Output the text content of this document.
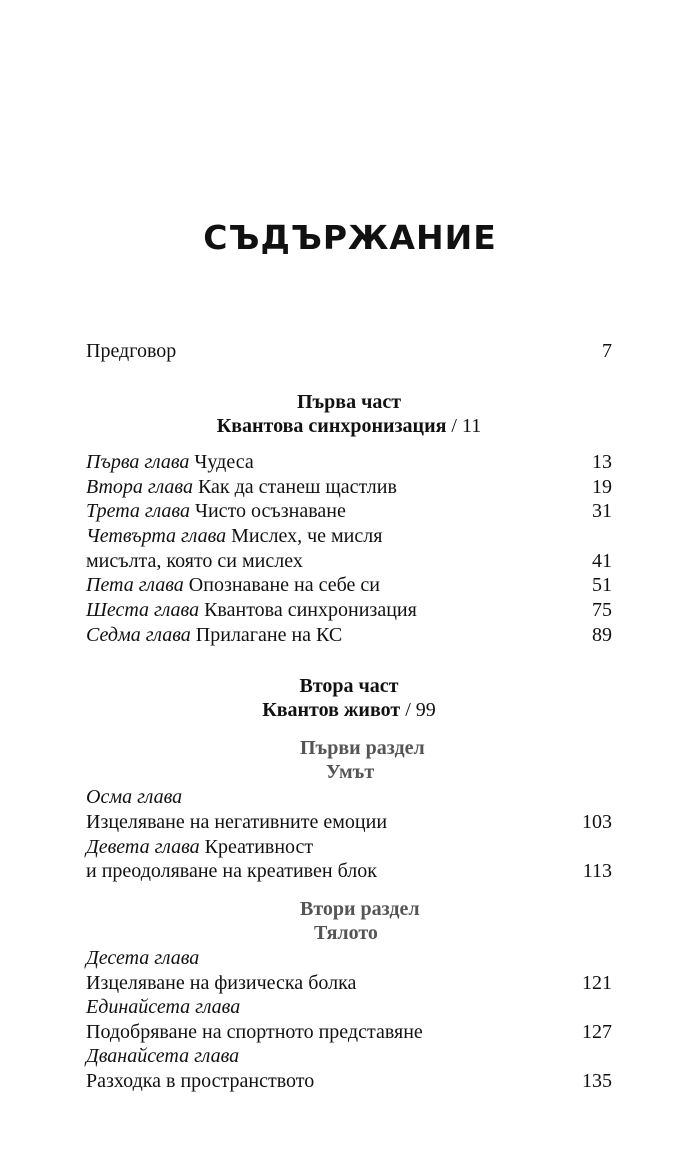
СЪДЪРЖАНИЕ
Предговор	7
Първа част
Квантова синхронизация / 11
Първа глава Чудеса	13
Втора глава Как да станеш щастлив	19
Трета глава Чисто осъзнаване	31
Четвърта глава Мислех, че мисля
мисълта, която си мислех	41
Пета глава Опознаване на себе си	51
Шеста глава Квантова синхронизация	75
Седма глава Прилагане на КС	89
Втора част
Квантов живот / 99
Първи раздел
Умът
Осма глава
Изцеляване на негативните емоции	103
Девета глава Креативност
и преодоляване на креативен блок	113
Втори раздел
Тялото
Десета глава
Изцеляване на физическа болка	121
Единайсета глава
Подобряване на спортното представяне	127
Дванайсета глава
Разходка в пространството	135
